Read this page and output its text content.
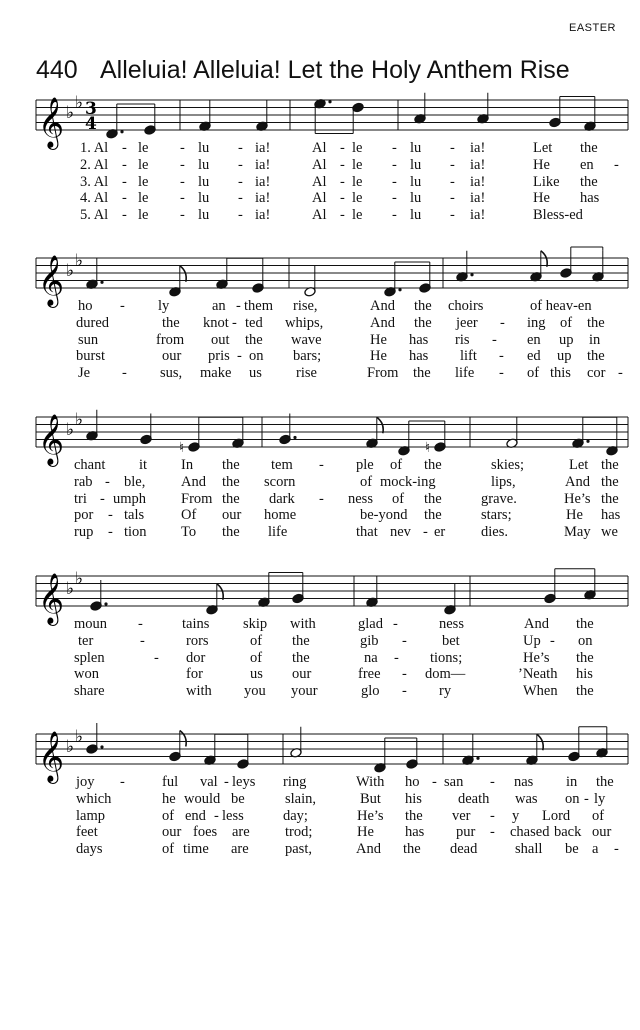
EASTER
440 Alleluia! Alleluia! Let the Holy Anthem Rise
𝄞 ♭
♭ 3
4
1. Al - le - lu - ia!	Al - le - lu - ia!	Let the
2. Al - le - lu - ia!	Al - le - lu - ia!	He en -
3. Al - le - lu - ia!	Al - le - lu - ia!	Like the
4. Al - le - lu - ia!	Al - le - lu - ia!	He has
5. Al - le - lu - ia!	Al - le - lu - ia!	Bless-ed
𝄞 ♭
♭
ho - ly	an - them rise,	And the choirs	of heav-en
dured	the knot - ted whips,	And the jeer - ing of the
sun	from out the wave	He has ris - en up in
burst	our pris - on bars;	He has lift - ed up the
Je - sus, make us rise	From the life - of this cor -
𝄞 ♭
♭
♮	♮
chant it In the tem - ple of the	skies;	Let the
rab - ble, And the scorn	of mock-ing	lips,	And the
tri - umph From the dark - ness of the	grave.	He’s the
por - tals	Of our home	be-yond the	stars;	He has
rup - tion To the life	that nev - er dies.	May we
𝄞 ♭
♭
moun -	tains skip with	glad -	ness	And the
ter	-	rors	of the	gib - bet	Up - on
splen	- dor	of the	na - tions;	He’s the
won	for	us our	free - dom—	’Neath his
share	with you your	glo - ry	When the
𝄞 ♭
♭
joy -	ful val - leys ring	With ho - san - nas in the
which	he would be	slain,	But his death was on - ly
lamp	of end - less	day;	He’s the ver - y Lord of
feet	our foes are trod;	He has pur - chased back our
days	of time are	past,	And the dead	shall be a -
